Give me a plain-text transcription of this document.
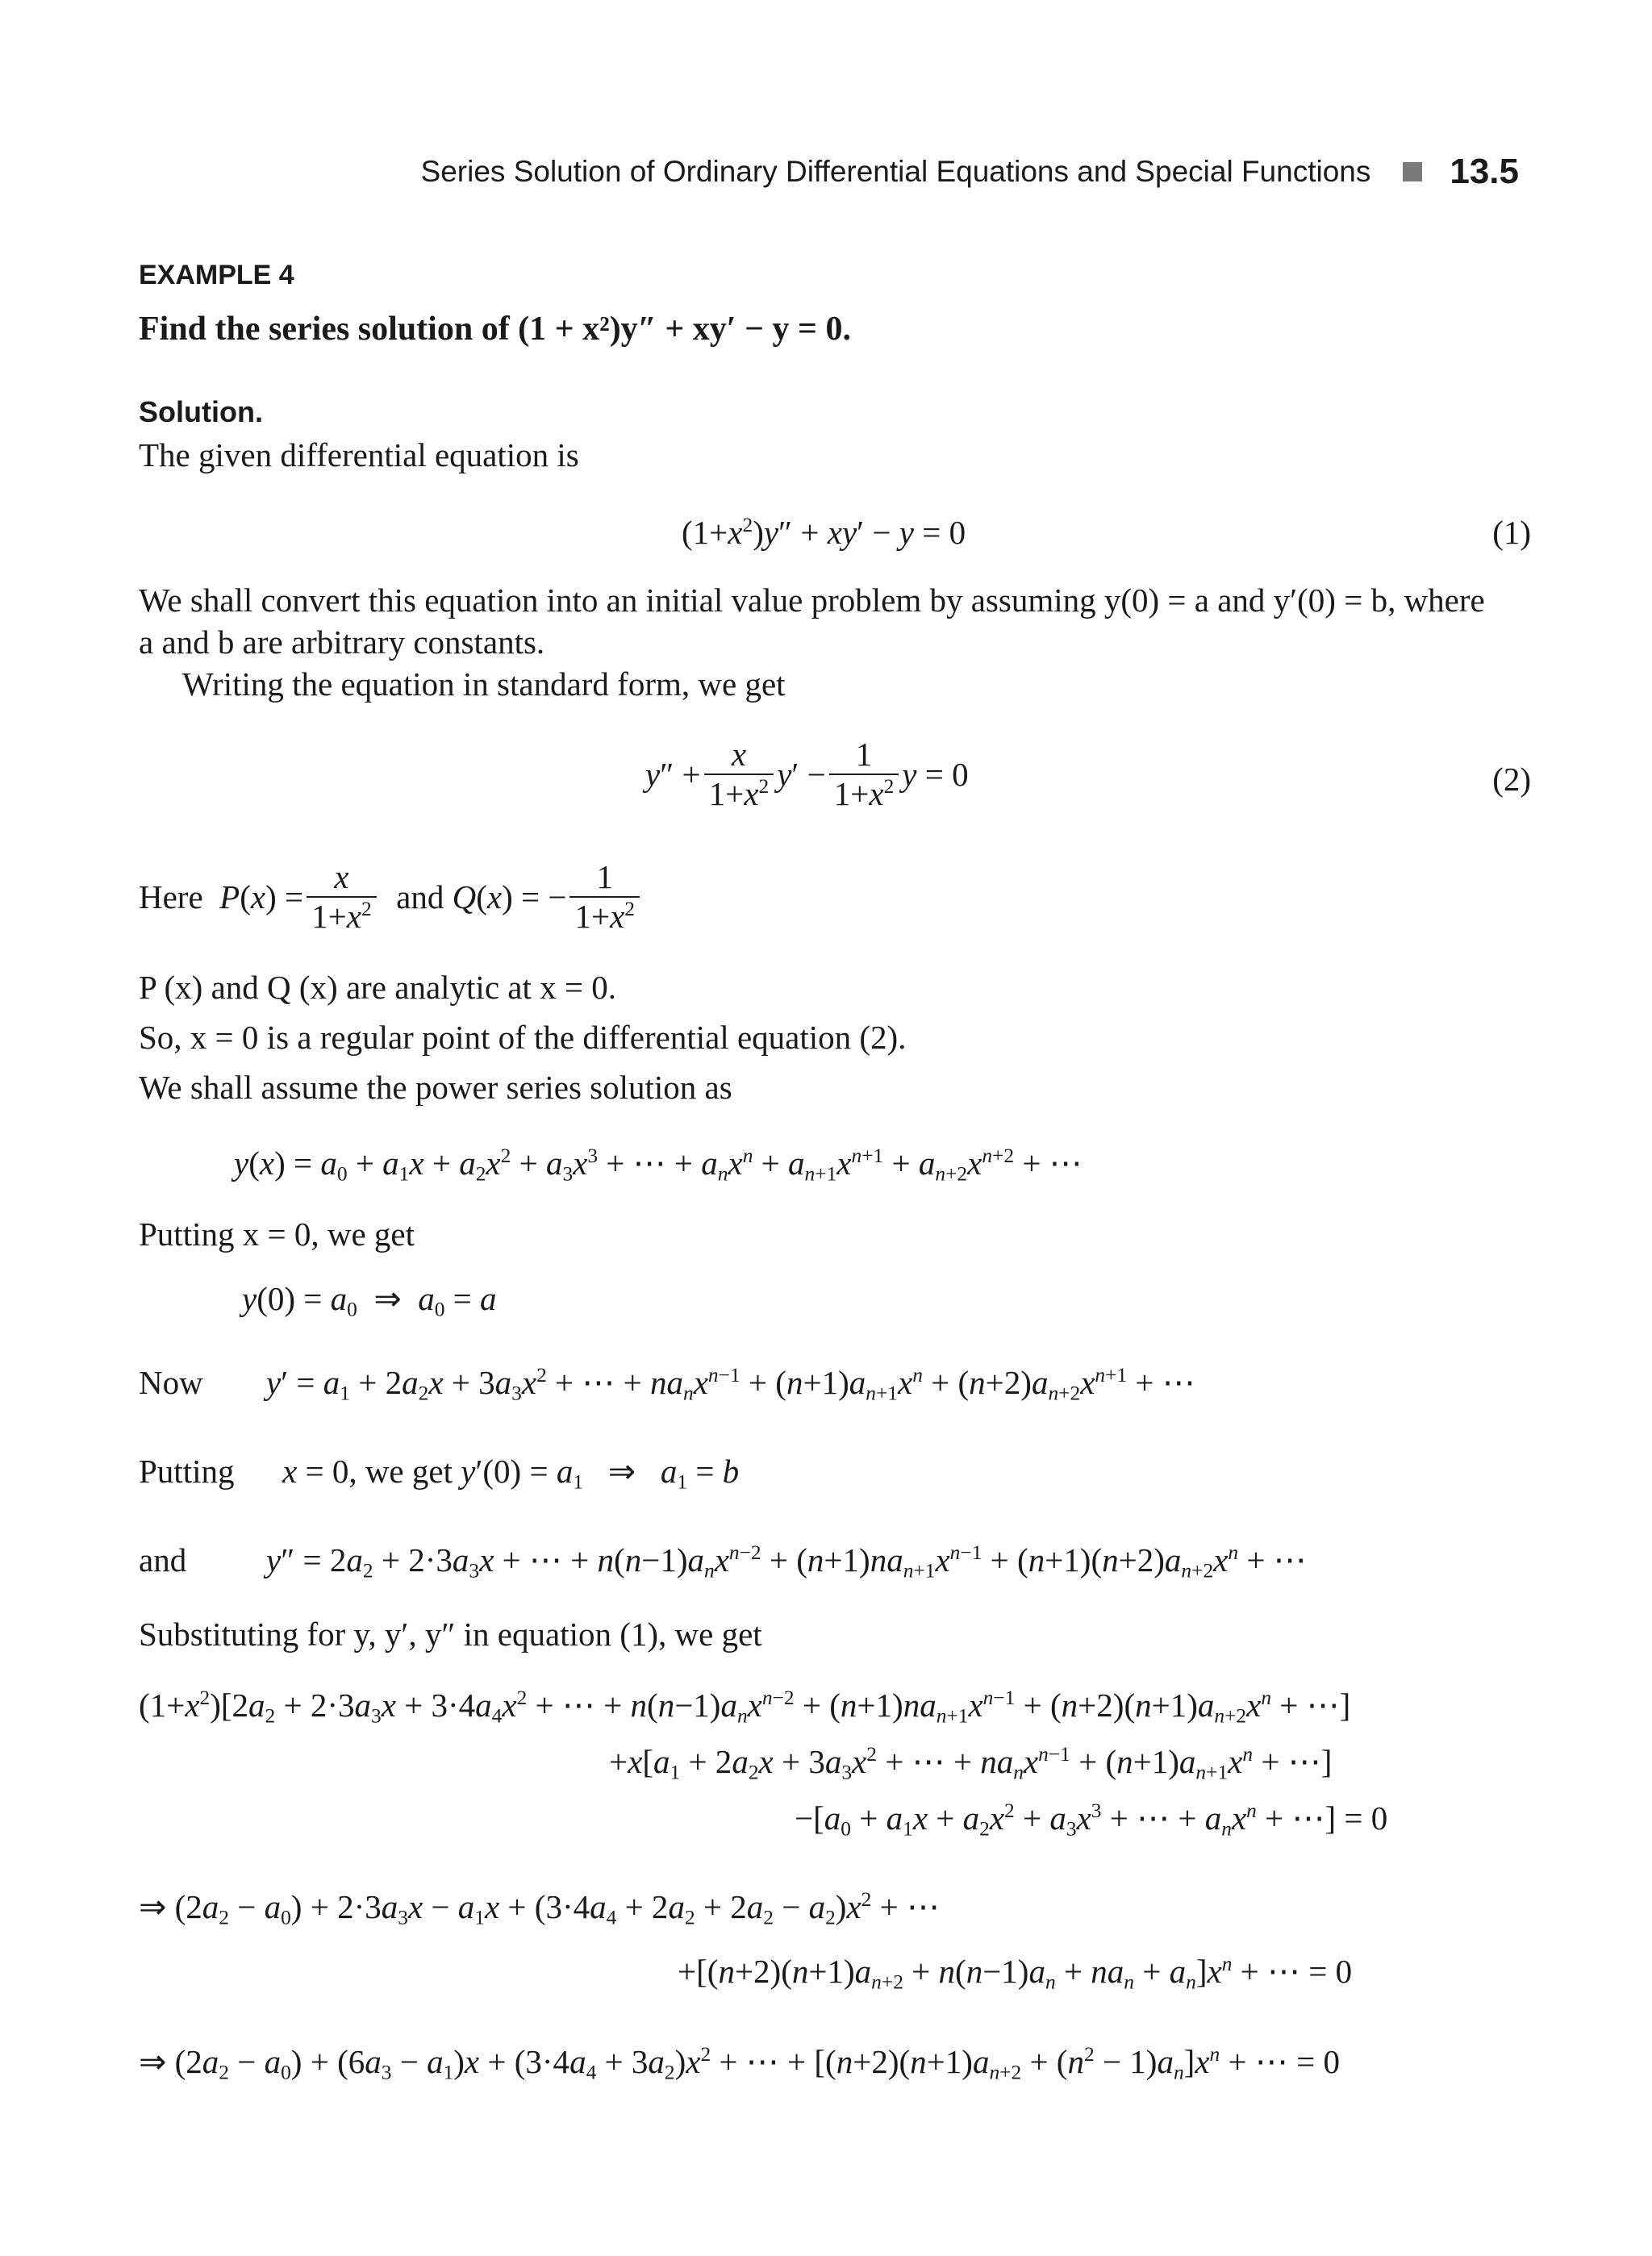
Series Solution of Ordinary Differential Equations and Special Functions 13.5
EXAMPLE 4
Find the series solution of (1 + x²)y″ + xy′ − y = 0.
Solution.
The given differential equation is
$(1+x^2)y'' + xy' - y = 0$	(1)
We shall convert this equation into an initial value problem by assuming y(0) = a and y′(0) = b, where
a and b are arbitrary constants.
Writing the equation in standard form, we get
$y'' + \frac{x}{1+x^2} y' - \frac{1}{1+x^2}$ y = 0	(2)
Here $P(x) = \frac{x}{1+x^2}$
and Q(x) = − $\frac{1}{1+x^2}$
P (x) and Q (x) are analytic at x = 0.
So, x = 0 is a regular point of the differential equation (2).
We shall assume the power series solution as
$y(x) = a_0 + a_1x + a_2x^2 + a_3x^3$ + ⋯ + $a_nx^n + a_{n+1}x^{n+1} + a_{n+2}x^{n+2}$ + ⋯
Putting x = 0, we get
$y(0) = a_0$  ⇒  $a_0 = a$
Now $y' = a_1 + 2a_2x + 3a_3x^2$ + ⋯ + $na_nx^{n-1} + (n+1)a_{n+1}x^n + (n+2)a_{n+2}x^{n+1}$ + ⋯
Putting x = 0, we get $y'(0) = a_1$   ⇒   $a_1 = b$
and $y'' = 2a_2 + 2\cdot 3a_3x$ + ⋯ + $n(n-1)a_nx^{n-2} + (n+1)na_{n+1}x^{n-1} + (n+1)(n+2)a_{n+2}x^n$ + ⋯
Substituting for y, y′, y″ in equation (1), we get
$(1+x^2)[2a_2 + 2\cdot 3a_3x + 3\cdot 4a_4x^2$ + ⋯ + $n(n-1)a_nx^{n-2} + (n+1)na_{n+1}x^{n-1} + (n+2)(n+1)a_{n+2}x^n$ + ⋯]
$+x[a_1 + 2a_2x + 3a_3x^2$ + ⋯ + $na_nx^{n-1} + (n+1)a_{n+1}x^n$ + ⋯]
$-[a_0 + a_1x + a_2x^2 + a_3x^3$ + ⋯ + $a_nx^n$ + ⋯] = 0
⇒ $(2a_2 - a_0) + 2\cdot 3a_3x - a_1x + (3\cdot 4a_4 + 2a_2 + 2a_2 - a_2)x^2$ + ⋯
$+[(n+2)(n+1)a_{n+2} + n(n-1)a_n + na_n + a_n]x^n$ + ⋯ = 0
⇒ $(2a_2 - a_0) + (6a_3 - a_1)x + (3\cdot 4a_4 + 3a_2)x^2$ + ⋯ + $[(n+2)(n+1)a_{n+2} + (n^2 - 1)a_n]x^n$ + ⋯ = 0
